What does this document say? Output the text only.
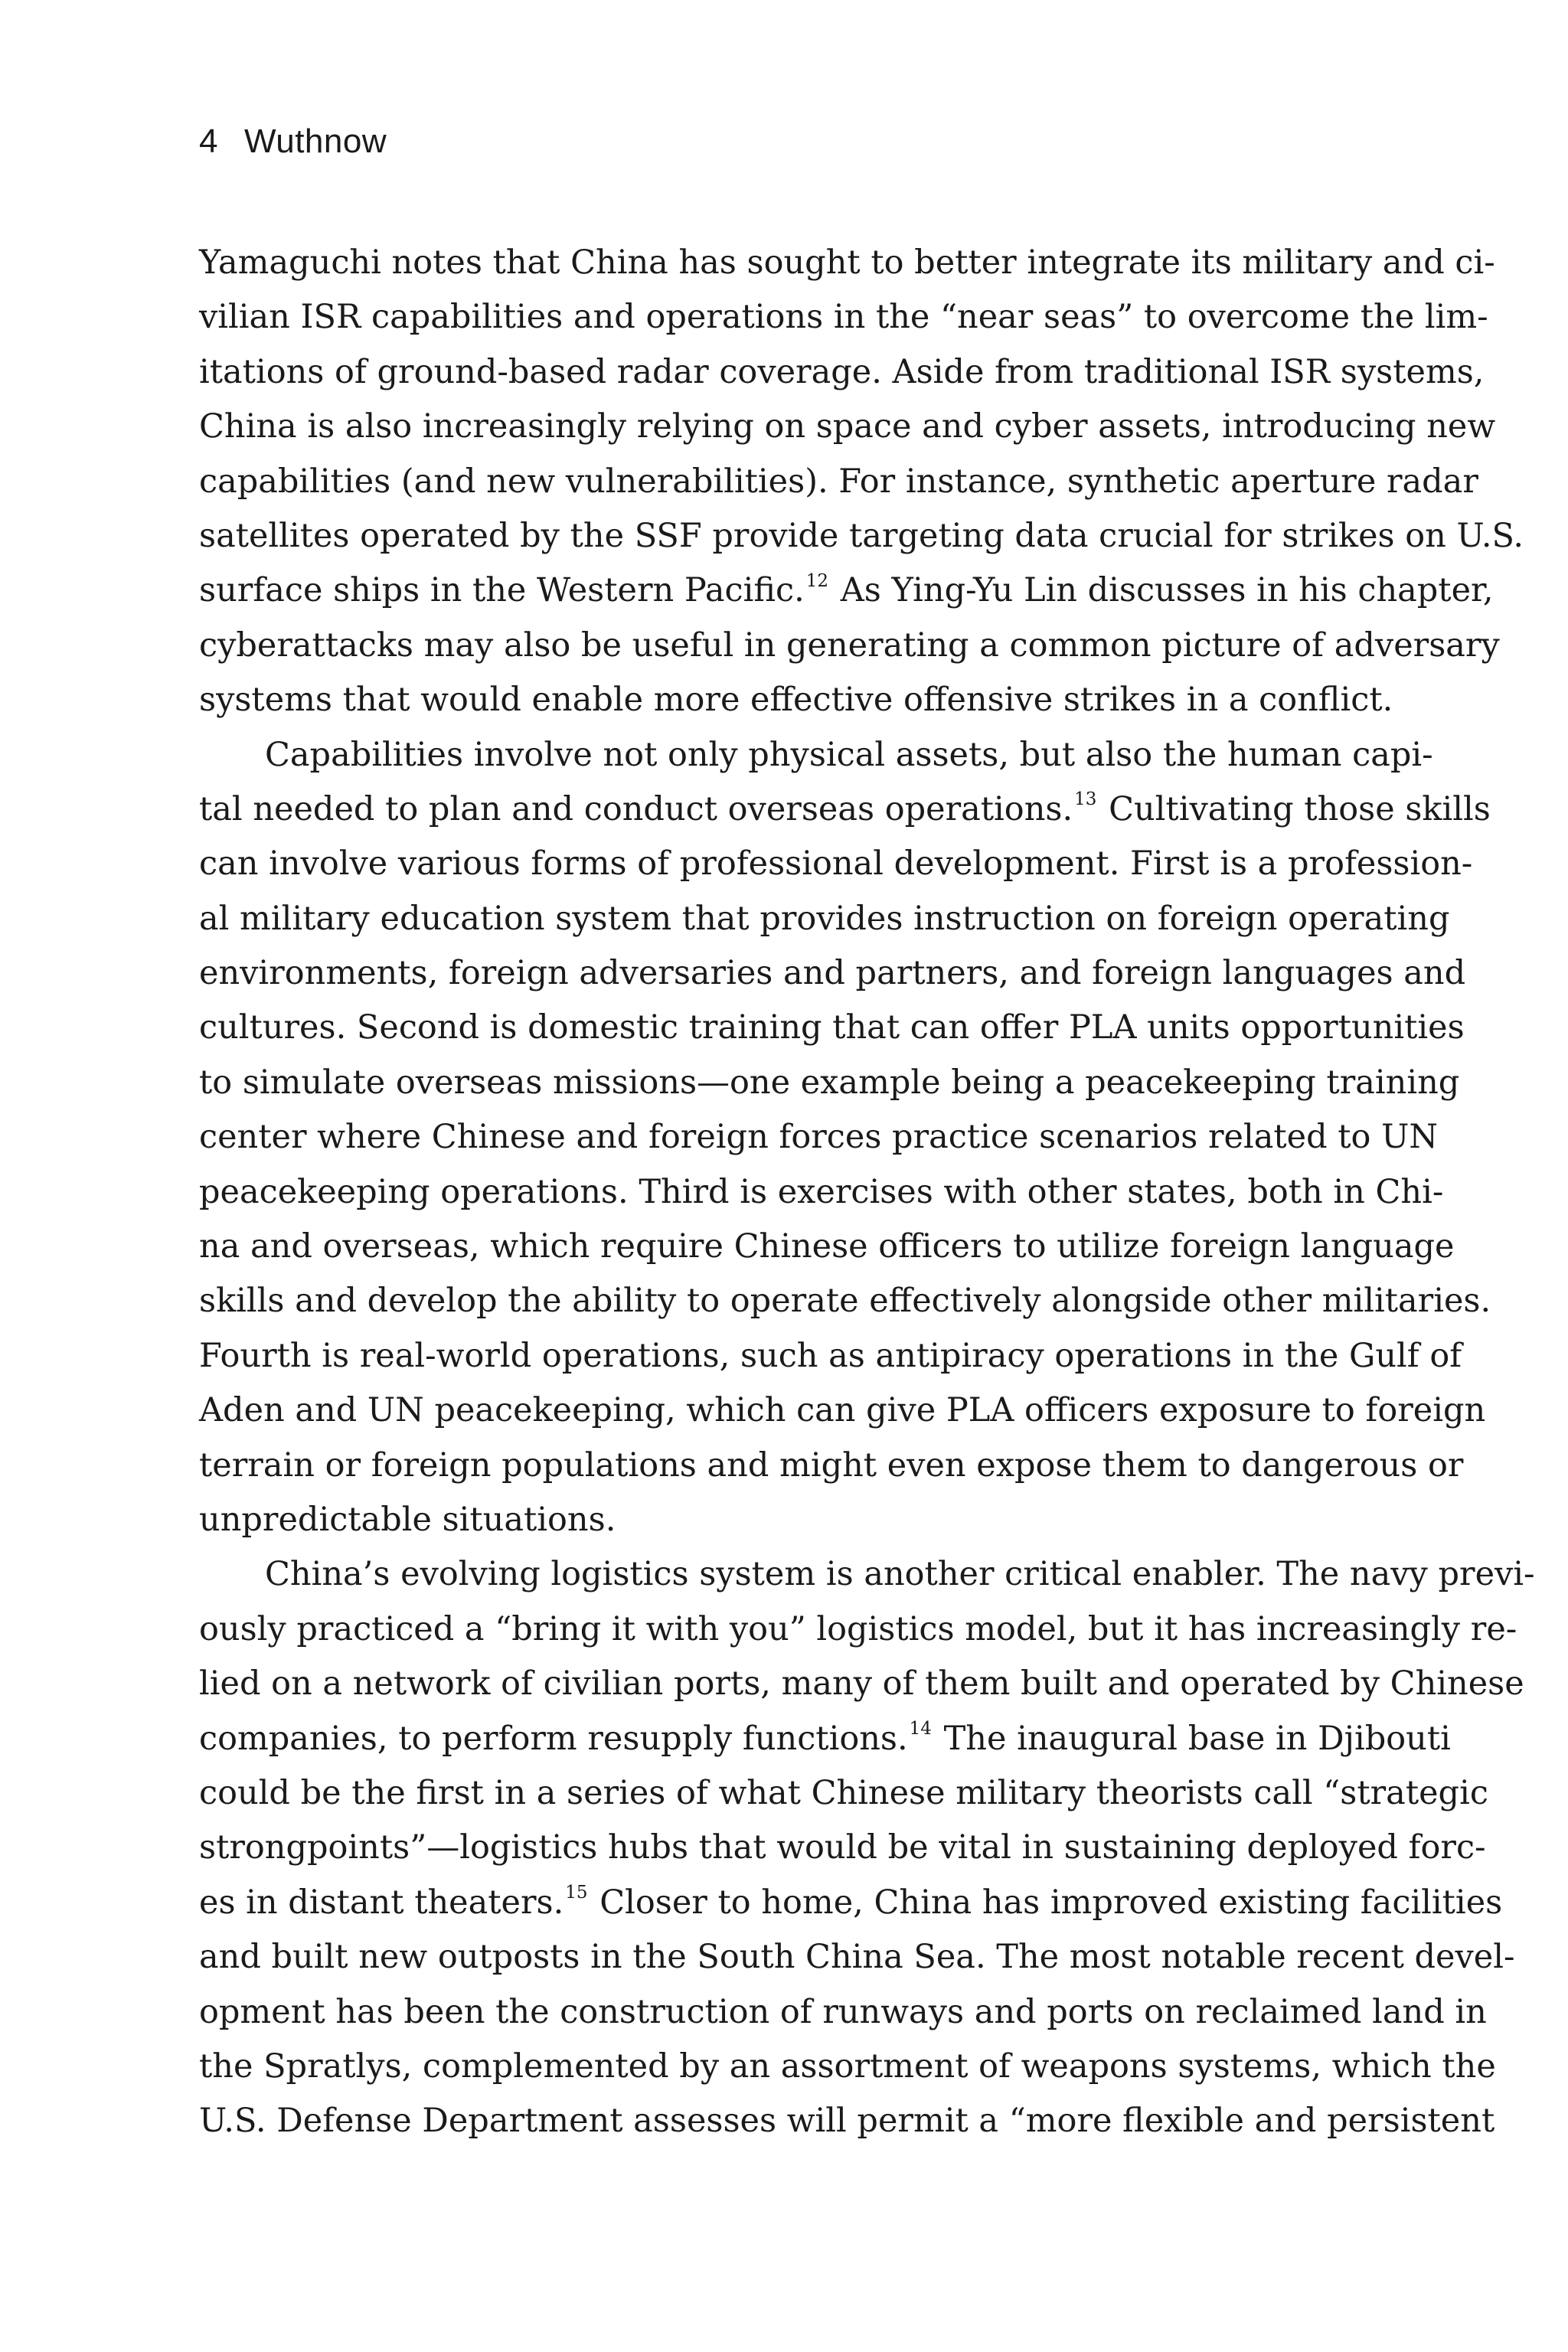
4 Wuthnow
Yamaguchi notes that China has sought to better integrate its military and ci-
vilian ISR capabilities and operations in the “near seas” to overcome the lim-
itations of ground-based radar coverage. Aside from traditional ISR systems,
China is also increasingly relying on space and cyber assets, introducing new
capabilities (and new vulnerabilities). For instance, synthetic aperture radar
satellites operated by the SSF provide targeting data crucial for strikes on U.S.
surface ships in the Western Pacific.$^{12}$ As Ying-Yu Lin discusses in his chapter,
cyberattacks may also be useful in generating a common picture of adversary
systems that would enable more effective offensive strikes in a conflict.
Capabilities involve not only physical assets, but also the human capi-
tal needed to plan and conduct overseas operations.$^{13}$ Cultivating those skills
can involve various forms of professional development. First is a profession-
al military education system that provides instruction on foreign operating
environments, foreign adversaries and partners, and foreign languages and
cultures. Second is domestic training that can offer PLA units opportunities
to simulate overseas missions—one example being a peacekeeping training
center where Chinese and foreign forces practice scenarios related to UN
peacekeeping operations. Third is exercises with other states, both in Chi-
na and overseas, which require Chinese officers to utilize foreign language
skills and develop the ability to operate effectively alongside other militaries.
Fourth is real-world operations, such as antipiracy operations in the Gulf of
Aden and UN peacekeeping, which can give PLA officers exposure to foreign
terrain or foreign populations and might even expose them to dangerous or
unpredictable situations.
China’s evolving logistics system is another critical enabler. The navy previ-
ously practiced a “bring it with you” logistics model, but it has increasingly re-
lied on a network of civilian ports, many of them built and operated by Chinese
companies, to perform resupply functions.$^{14}$ The inaugural base in Djibouti
could be the first in a series of what Chinese military theorists call “strategic
strongpoints”—logistics hubs that would be vital in sustaining deployed forc-
es in distant theaters.$^{15}$ Closer to home, China has improved existing facilities
and built new outposts in the South China Sea. The most notable recent devel-
opment has been the construction of runways and ports on reclaimed land in
the Spratlys, complemented by an assortment of weapons systems, which the
U.S. Defense Department assesses will permit a “more flexible and persistent
